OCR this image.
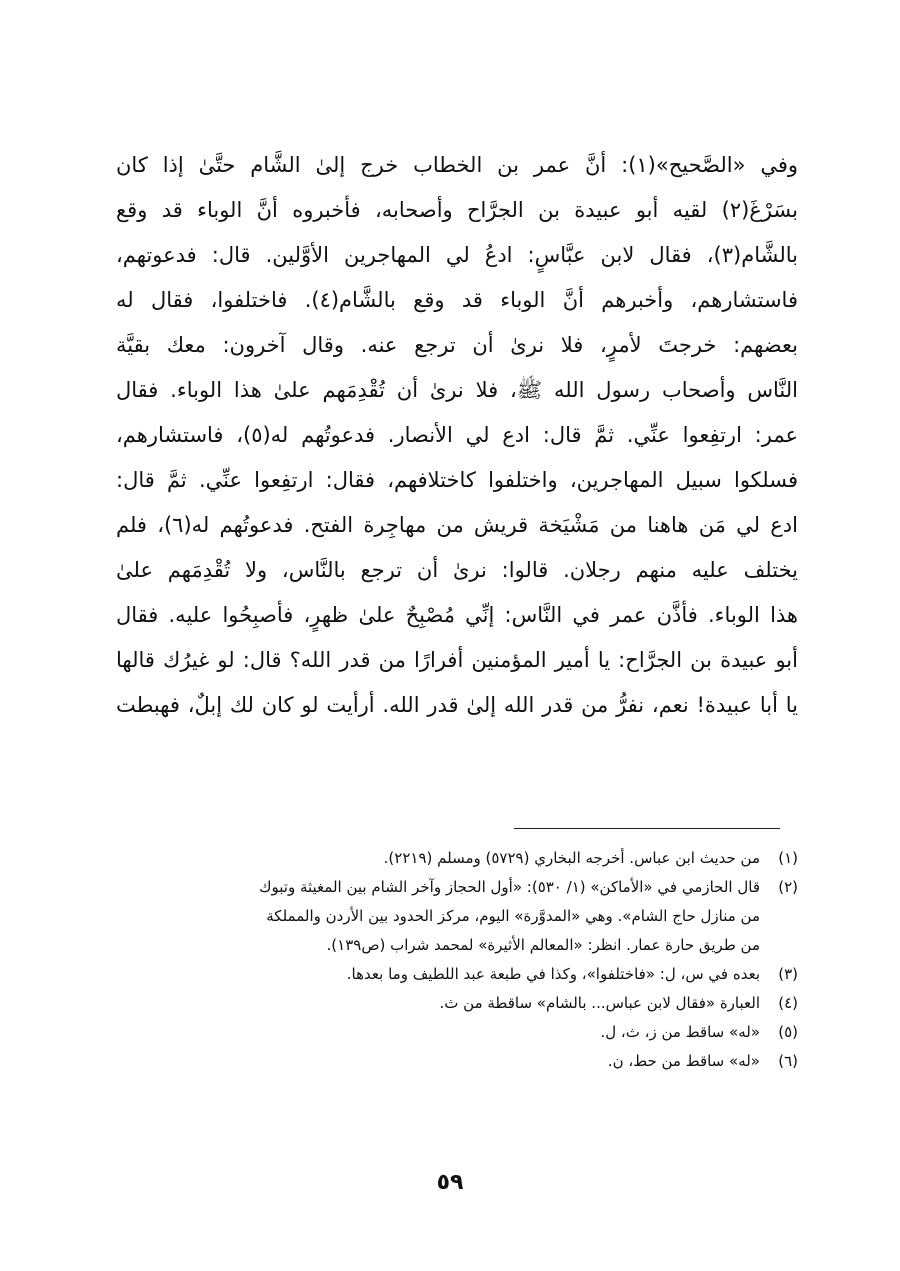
وفي «الصَّحيح»(١): أنَّ عمر بن الخطاب خرج إلىٰ الشَّام حتَّىٰ إذا كان
بسَرْغَ(٢) لقيه أبو عبيدة بن الجرَّاح وأصحابه، فأخبروه أنَّ الوباء قد وقع
بالشَّام(٣)، فقال لابن عبَّاسٍ: ادعُ لي المهاجرين الأوَّلين. قال: فدعوتهم،
فاستشارهم، وأخبرهم أنَّ الوباء قد وقع بالشَّام(٤). فاختلفوا، فقال له
بعضهم: خرجتَ لأمرٍ، فلا نرىٰ أن ترجع عنه. وقال آخرون: معك بقيَّة
النَّاس وأصحاب رسول الله ﷺ، فلا نرىٰ أن تُقْدِمَهم علىٰ هذا الوباء. فقال
عمر: ارتفِعوا عنِّي. ثمَّ قال: ادع لي الأنصار. فدعوتُهم له(٥)، فاستشارهم،
فسلكوا سبيل المهاجرين، واختلفوا كاختلافهم، فقال: ارتفِعوا عنِّي. ثمَّ قال:
ادع لي مَن هاهنا من مَشْيَخة قريش من مهاجِرة الفتح. فدعوتُهم له(٦)، فلم
يختلف عليه منهم رجلان. قالوا: نرىٰ أن ترجع بالنَّاس، ولا تُقْدِمَهم علىٰ
هذا الوباء. فأذَّن عمر في النَّاس: إنِّي مُصْبِحٌ علىٰ ظهرٍ، فأصبِحُوا عليه. فقال
أبو عبيدة بن الجرَّاح: يا أمير المؤمنين أفرارًا من قدر الله؟ قال: لو غيرُك قالها
يا أبا عبيدة! نعم، نفرُّ من قدر الله إلىٰ قدر الله. أرأيت لو كان لك إبلٌ، فهبطت
(١)
من حديث ابن عباس. أخرجه البخاري (٥٧٢٩) ومسلم (٢٢١٩).
(٢)
قال الحازمي في «الأماكن» (١/ ٥٣٠): «أول الحجاز وآخر الشام بين المغيثة وتبوك
من منازل حاج الشام». وهي «المدوَّرة» اليوم، مركز الحدود بين الأردن والمملكة
من طريق حارة عمار. انظر: «المعالم الأثيرة» لمحمد شراب (ص١٣٩).
(٣)
بعده في س، ل: «فاختلفوا»، وكذا في طبعة عبد اللطيف وما بعدها.
(٤)
العبارة «فقال لابن عباس... بالشام» ساقطة من ث.
(٥)
«له» ساقط من ز، ث، ل.
(٦)
«له» ساقط من حط، ن.
٥٩
